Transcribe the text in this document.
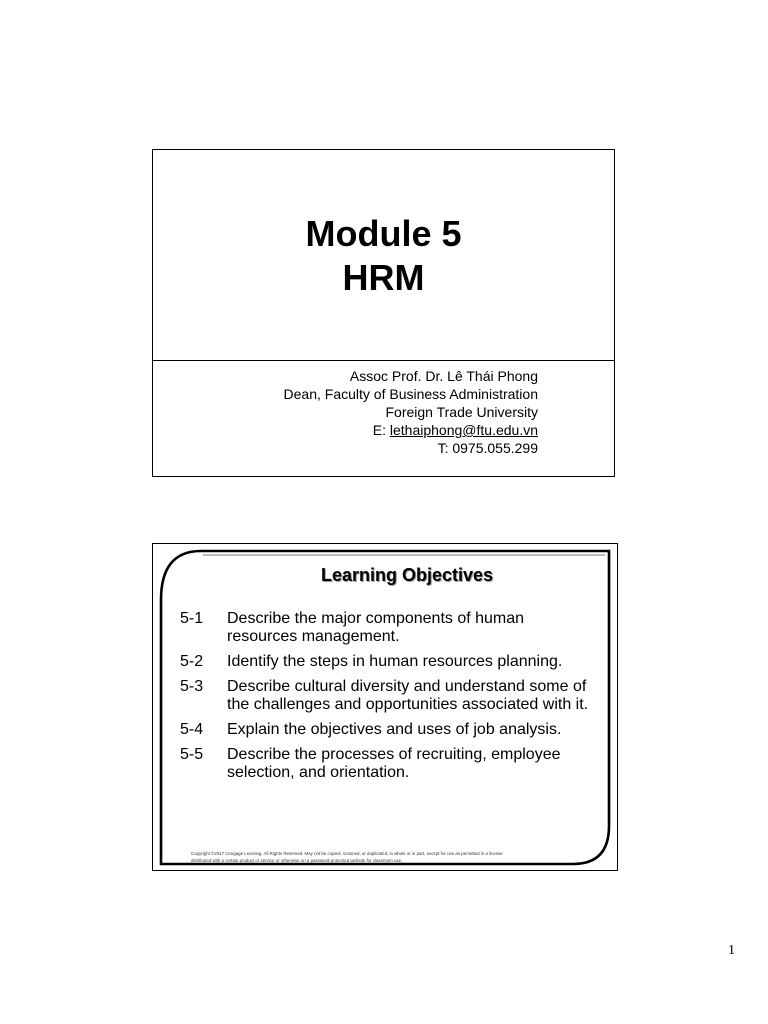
Module 5
HRM
Assoc Prof. Dr. Lê Thái Phong
Dean, Faculty of Business Administration
Foreign Trade University
E: lethaiphong@ftu.edu.vn
T: 0975.055.299
Learning Objectives
5-1	Describe the major components of human resources management.
5-2	Identify the steps in human resources planning.
5-3	Describe cultural diversity and understand some of the challenges and opportunities associated with it.
5-4	Explain the objectives and uses of job analysis.
5-5	Describe the processes of recruiting, employee selection, and orientation.
Copyright ©2017 Cengage Learning. All Rights Reserved. May not be copied, scanned, or duplicated, in whole or in part, except for use as permitted in a license
distributed with a certain product or service or otherwise on a password-protected website for classroom use.
1
